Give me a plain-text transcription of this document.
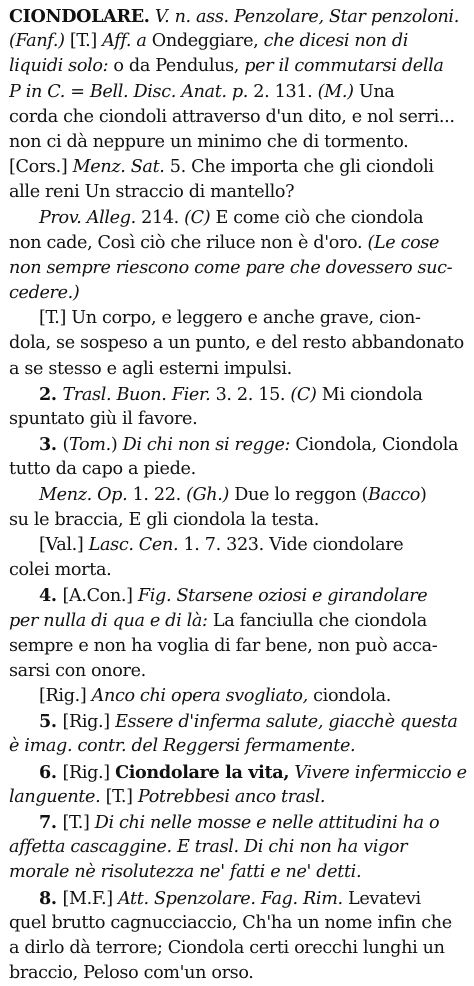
CIONDOLARE. V. n. ass. Penzolare, Star penzoloni.
(Fanf.) [T.] Aff. a Ondeggiare, che dicesi non di
liquidi solo: o da Pendulus, per il commutarsi della
P in C. = Bell. Disc. Anat. p. 2. 131. (M.) Una
corda che ciondoli attraverso d'un dito, e nol serri...
non ci dà neppure un minimo che di tormento.
[Cors.] Menz. Sat. 5. Che importa che gli ciondoli
alle reni Un straccio di mantello?
Prov. Alleg. 214. (C) E come ciò che ciondola
non cade, Così ciò che riluce non è d'oro. (Le cose
non sempre riescono come pare che dovessero suc-
cedere.)
[T.] Un corpo, e leggero e anche grave, cion-
dola, se sospeso a un punto, e del resto abbandonato
a se stesso e agli esterni impulsi.
2. Trasl. Buon. Fier. 3. 2. 15. (C) Mi ciondola
spuntato giù il favore.
3. (Tom.) Di chi non si regge: Ciondola, Ciondola
tutto da capo a piede.
Menz. Op. 1. 22. (Gh.) Due lo reggon (Bacco)
su le braccia, E gli ciondola la testa.
[Val.] Lasc. Cen. 1. 7. 323. Vide ciondolare
colei morta.
4. [A.Con.] Fig. Starsene oziosi e girandolare
per nulla di qua e di là: La fanciulla che ciondola
sempre e non ha voglia di far bene, non può acca-
sarsi con onore.
[Rig.] Anco chi opera svogliato, ciondola.
5. [Rig.] Essere d'inferma salute, giacchè questa
è imag. contr. del Reggersi fermamente.
6. [Rig.] Ciondolare la vita, Vivere infermiccio e
languente. [T.] Potrebbesi anco trasl.
7. [T.] Di chi nelle mosse e nelle attitudini ha o
affetta cascaggine. E trasl. Di chi non ha vigor
morale nè risolutezza ne' fatti e ne' detti.
8. [M.F.] Att. Spenzolare. Fag. Rim. Levatevi
quel brutto cagnucciaccio, Ch'ha un nome infin che
a dirlo dà terrore; Ciondola certi orecchi lunghi un
braccio, Peloso com'un orso.
